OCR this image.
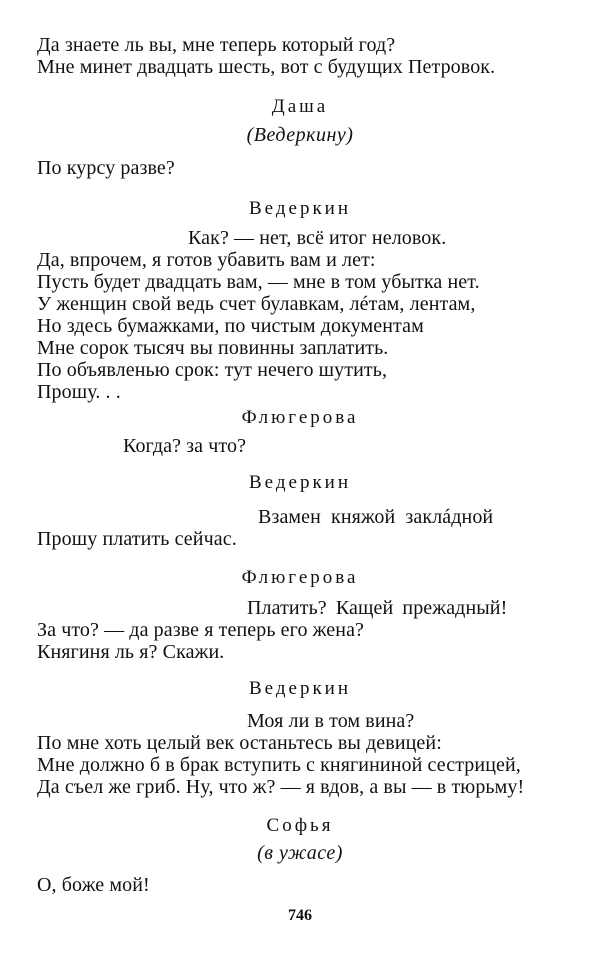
Да знаете ль вы, мне теперь который год?
Мне минет двадцать шесть, вот с будущих Петровок.
Даша
(Ведеркину)
По курсу разве?
Ведеркин
Как? — нет, всё итог неловок.
Да, впрочем, я готов убавить вам и лет:
Пусть будет двадцать вам, — мне в том убытка нет.
У женщин свой ведь счет булавкам, лéтам, лентам,
Но здесь бумажками, по чистым документам
Мне сорок тысяч вы повинны заплатить.
По объявленью срок: тут нечего шутить,
Прошу. . .
Флюгерова
Когда? за что?
Ведеркин
Взамен княжой заклáдной
Прошу платить сейчас.
Флюгерова
Платить? Кащей прежадный!
За что? — да разве я теперь его жена?
Княгиня ль я? Скажи.
Ведеркин
Моя ли в том вина?
По мне хоть целый век останьтесь вы девицей:
Мне должно б в брак вступить с княгининой сестрицей,
Да съел же гриб. Ну, что ж? — я вдов, а вы — в тюрьму!
Софья
(в ужасе)
О, боже мой!
746
